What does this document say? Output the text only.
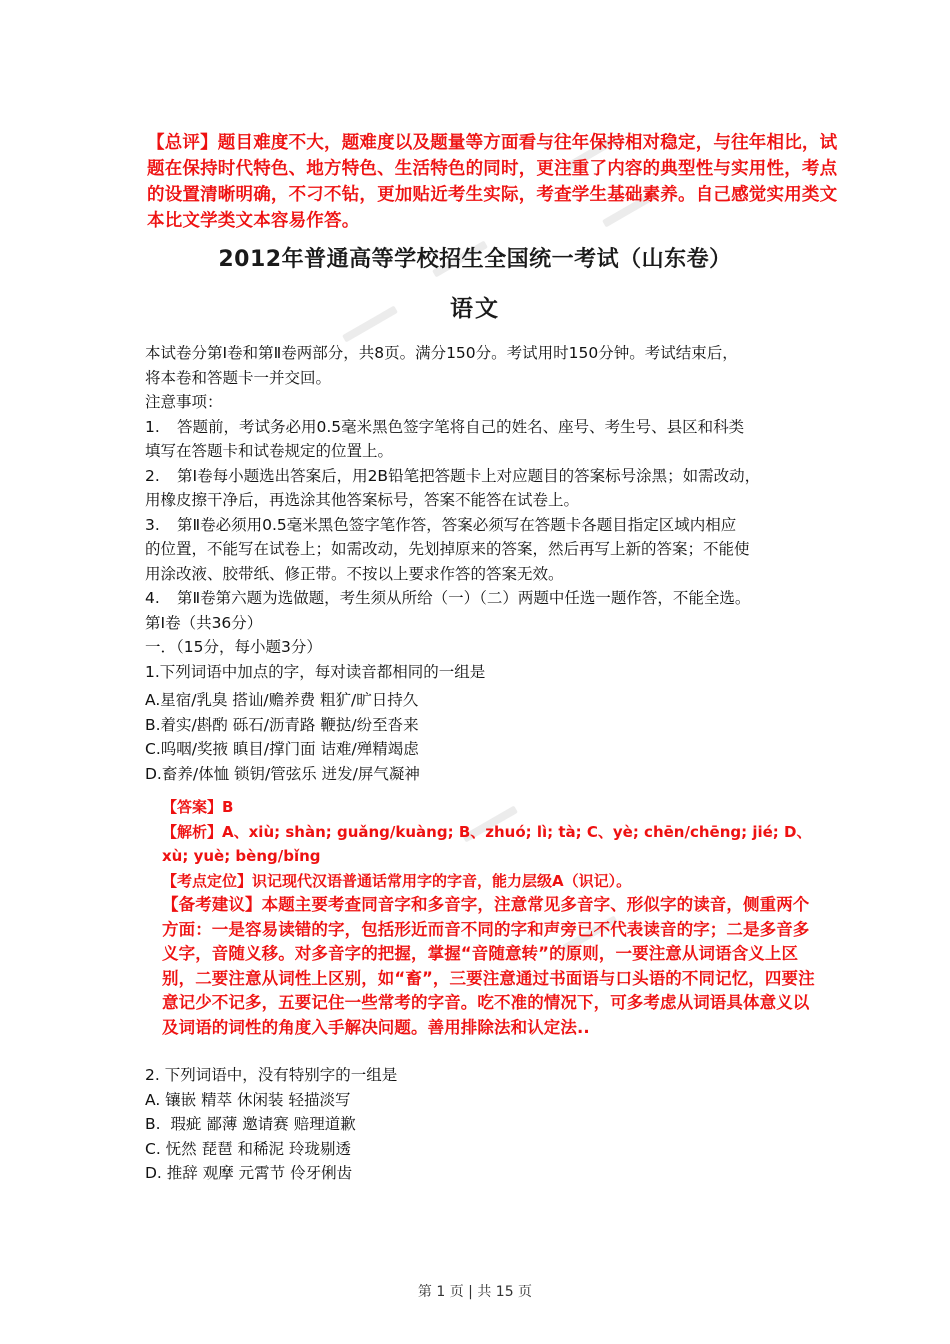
【总评】题目难度不大，题难度以及题量等方面看与往年保持相对稳定，与往年相比，试
题在保持时代特色、地方特色、生活特色的同时，更注重了内容的典型性与实用性，考点
的设置清晰明确，不刁不钻，更加贴近考生实际，考查学生基础素养。自己感觉实用类文
本比文学类文本容易作答。
2012年普通高等学校招生全国统一考试（山东卷）
语文
本试卷分第Ⅰ卷和第Ⅱ卷两部分，共8页。满分150分。考试用时150分钟。考试结束后，
将本卷和答题卡一并交回。
注意事项：
1. 答题前，考试务必用0.5毫米黑色签字笔将自己的姓名、座号、考生号、县区和科类
填写在答题卡和试卷规定的位置上。
2. 第Ⅰ卷每小题选出答案后，用2B铅笔把答题卡上对应题目的答案标号涂黑；如需改动，
用橡皮擦干净后，再选涂其他答案标号，答案不能答在试卷上。
3. 第Ⅱ卷必须用0.5毫米黑色签字笔作答，答案必须写在答题卡各题目指定区域内相应
的位置，不能写在试卷上；如需改动，先划掉原来的答案，然后再写上新的答案；不能使
用涂改液、胶带纸、修正带。不按以上要求作答的答案无效。
4. 第Ⅱ卷第六题为选做题，考生须从所给（一）（二）两题中任选一题作答，不能全选。
第Ⅰ卷（共36分）
一．（15分，每小题3分）
1.下列词语中加点的字，每对读音都相同的一组是
A.星宿/乳臭 搭讪/赡养费 粗犷/旷日持久
B.着实/斟酌 砾石/沥青路 鞭挞/纷至沓来
C.呜咽/奖掖 瞋目/撑门面 诘难/殚精竭虑
D.畜养/体恤 锁钥/管弦乐 迸发/屏气凝神
【答案】B
【解析】A、xiù; shàn; guǎng/kuàng; B、zhuó; lì; tà; C、yè; chēn/chēng; jié; D、
xù; yuè; bèng/bǐng
【考点定位】识记现代汉语普通话常用字的字音，能力层级A（识记）。
【备考建议】本题主要考查同音字和多音字，注意常见多音字、形似字的读音，侧重两个
方面：一是容易读错的字，包括形近而音不同的字和声旁已不代表读音的字；二是多音多
义字，音随义移。对多音字的把握，掌握“音随意转”的原则，一要注意从词语含义上区
别，二要注意从词性上区别，如“畜”，三要注意通过书面语与口头语的不同记忆，四要注
意记少不记多，五要记住一些常考的字音。吃不准的情况下，可多考虑从词语具体意义以
及词语的词性的角度入手解决问题。善用排除法和认定法..
2. 下列词语中，没有特别字的一组是
A. 镶嵌 精萃 休闲装 轻描淡写
B.  瑕疵 鄙薄 邀请赛 赔理道歉
C. 怃然 琵琶 和稀泥 玲珑剔透
D. 推辞 观摩 元霄节 伶牙俐齿
第 1 页 | 共 15 页
